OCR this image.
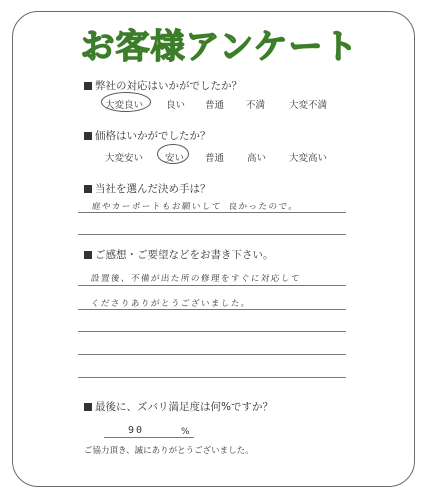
お客様アンケート
弊社の対応はいかがでしたか？
大変良い 良い 普通 不満	大変不満
価格はいかがでしたか？
大変安い 安い 普通 高い 大変高い
当社を選んだ決め手は？
庭やカーポートもお願いして 良かったので。
ご感想・ご要望などをお書き下さい。
設置後、不備が出た所の修理をすぐに対応して
くださりありがとうございました。
最後に、ズバリ満足度は何%ですか？
90	%
ご協力頂き、誠にありがとうございました。
